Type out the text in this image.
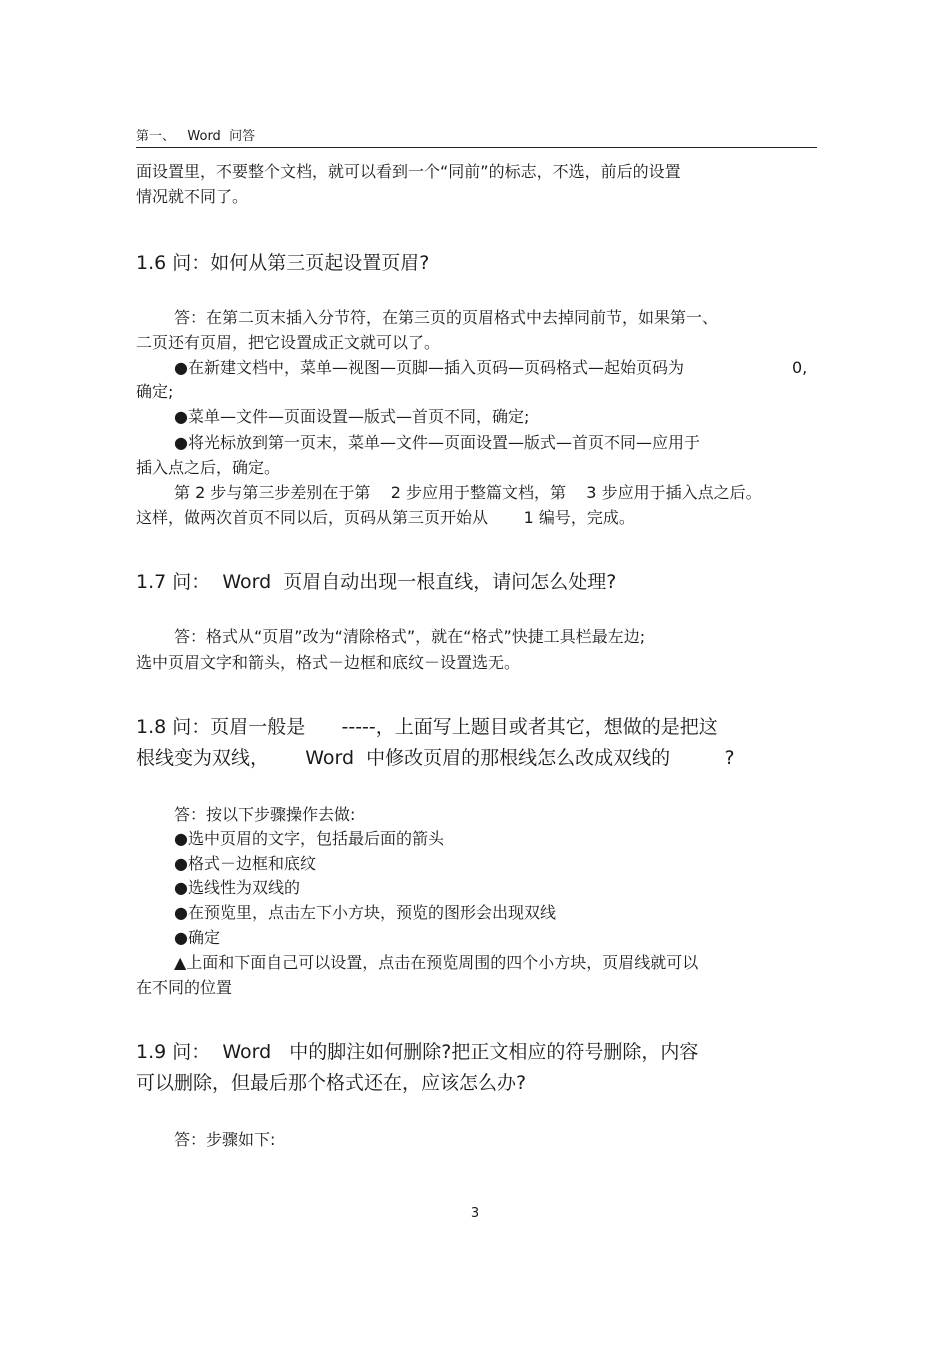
第一、   Word  问答
面设置里，不要整个文档，就可以看到一个“同前”的标志，不选，前后的设置
情况就不同了。
1.6 问：如何从第三页起设置页眉?
答：在第二页末插入分节符，在第三页的页眉格式中去掉同前节，如果第一、
二页还有页眉，把它设置成正文就可以了。
●在新建文档中，菜单—视图—页脚—插入页码—页码格式—起始页码为	0,
确定;
●菜单—文件—页面设置—版式—首页不同，确定;
●将光标放到第一页末，菜单—文件—页面设置—版式—首页不同—应用于
插入点之后，确定。
第 2 步与第三步差别在于第    2 步应用于整篇文档，第    3 步应用于插入点之后。
这样，做两次首页不同以后，页码从第三页开始从       1 编号，完成。
1.7 问：  Word  页眉自动出现一根直线，请问怎么处理?
答：格式从“页眉”改为“清除格式”，就在“格式”快捷工具栏最左边;
选中页眉文字和箭头，格式－边框和底纹－设置选无。
1.8 问：页眉一般是      -----，上面写上题目或者其它，想做的是把这
根线变为双线，      Word  中修改页眉的那根线怎么改成双线的         ?
答：按以下步骤操作去做:
●选中页眉的文字，包括最后面的箭头
●格式－边框和底纹
●选线性为双线的
●在预览里，点击左下小方块，预览的图形会出现双线
●确定
▲上面和下面自己可以设置，点击在预览周围的四个小方块，页眉线就可以
在不同的位置
1.9 问：  Word   中的脚注如何删除?把正文相应的符号删除，内容
可以删除，但最后那个格式还在，应该怎么办?
答：步骤如下:
3
